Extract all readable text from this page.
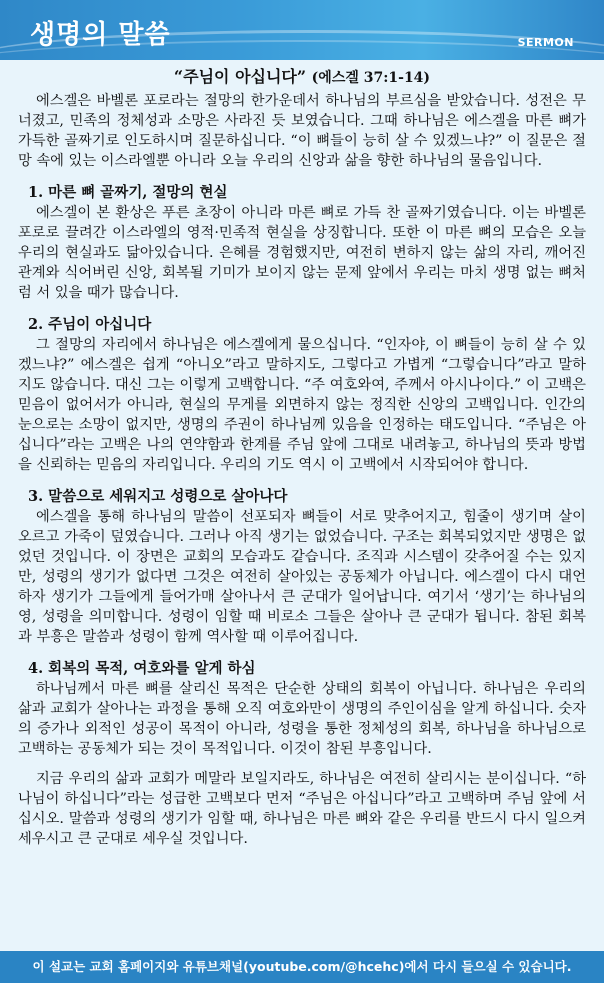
생명의 말씀	SERMON
“주님이 아십니다” (에스겔 37:1-14)

에스겔은 바벨론 포로라는 절망의 한가운데서 하나님의 부르심을 받았습니다. 성전은 무너졌고, 민족의 정체성과 소망은 사라진 듯 보였습니다. 그때 하나님은 에스겔을 마른 뼈가 가득한 골짜기로 인도하시며 질문하십니다. “이 뼈들이 능히 살 수 있겠느냐?” 이 질문은 절망 속에 있는 이스라엘뿐 아니라 오늘 우리의 신앙과 삶을 향한 하나님의 물음입니다.

1. 마른 뼈 골짜기, 절망의 현실

에스겔이 본 환상은 푸른 초장이 아니라 마른 뼈로 가득 찬 골짜기였습니다. 이는 바벨론 포로로 끌려간 이스라엘의 영적·민족적 현실을 상징합니다. 또한 이 마른 뼈의 모습은 오늘 우리의 현실과도 닮아있습니다. 은혜를 경험했지만, 여전히 변하지 않는 삶의 자리, 깨어진 관계와 식어버린 신앙, 회복될 기미가 보이지 않는 문제 앞에서 우리는 마치 생명 없는 뼈처럼 서 있을 때가 많습니다.

2. 주님이 아십니다

그 절망의 자리에서 하나님은 에스겔에게 물으십니다. “인자야, 이 뼈들이 능히 살 수 있겠느냐?” 에스겔은 쉽게 “아니오”라고 말하지도, 그렇다고 가볍게 “그렇습니다”라고 말하지도 않습니다. 대신 그는 이렇게 고백합니다. “주 여호와여, 주께서 아시나이다.” 이 고백은 믿음이 없어서가 아니라, 현실의 무게를 외면하지 않는 정직한 신앙의 고백입니다. 인간의 눈으로는 소망이 없지만, 생명의 주권이 하나님께 있음을 인정하는 태도입니다. “주님은 아십니다”라는 고백은 나의 연약함과 한계를 주님 앞에 그대로 내려놓고, 하나님의 뜻과 방법을 신뢰하는 믿음의 자리입니다. 우리의 기도 역시 이 고백에서 시작되어야 합니다.

3. 말씀으로 세워지고 성령으로 살아나다

에스겔을 통해 하나님의 말씀이 선포되자 뼈들이 서로 맞추어지고, 힘줄이 생기며 살이 오르고 가죽이 덮였습니다. 그러나 아직 생기는 없었습니다. 구조는 회복되었지만 생명은 없었던 것입니다. 이 장면은 교회의 모습과도 같습니다. 조직과 시스템이 갖추어질 수는 있지만, 성령의 생기가 없다면 그것은 여전히 살아있는 공동체가 아닙니다. 에스겔이 다시 대언하자 생기가 그들에게 들어가매 살아나서 큰 군대가 일어납니다. 여기서 ‘생기’는 하나님의 영, 성령을 의미합니다. 성령이 임할 때 비로소 그들은 살아나 큰 군대가 됩니다. 참된 회복과 부흥은 말씀과 성령이 함께 역사할 때 이루어집니다.

4. 회복의 목적, 여호와를 알게 하심

하나님께서 마른 뼈를 살리신 목적은 단순한 상태의 회복이 아닙니다. 하나님은 우리의 삶과 교회가 살아나는 과정을 통해 오직 여호와만이 생명의 주인이심을 알게 하십니다. 숫자의 증가나 외적인 성공이 목적이 아니라, 성령을 통한 정체성의 회복, 하나님을 하나님으로 고백하는 공동체가 되는 것이 목적입니다. 이것이 참된 부흥입니다.

지금 우리의 삶과 교회가 메말라 보일지라도, 하나님은 여전히 살리시는 분이십니다. “하나님이 하십니다”라는 성급한 고백보다 먼저 “주님은 아십니다”라고 고백하며 주님 앞에 서십시오. 말씀과 성령의 생기가 임할 때, 하나님은 마른 뼈와 같은 우리를 반드시 다시 일으켜 세우시고 큰 군대로 세우실 것입니다.

이 설교는 교회 홈페이지와 유튜브채널(youtube.com/@hcehc)에서 다시 들으실 수 있습니다.
